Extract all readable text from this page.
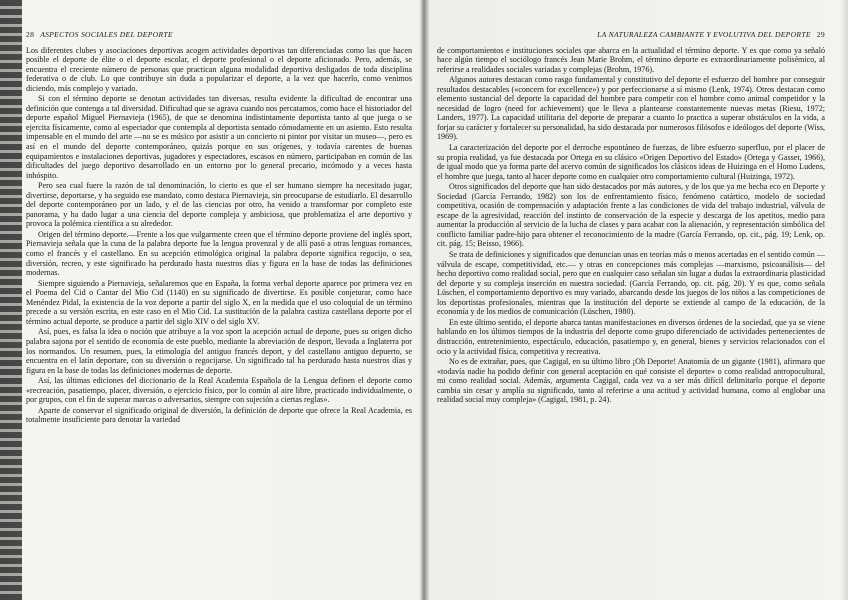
28 ASPECTOS SOCIALES DEL DEPORTE

Los diferentes clubes y asociaciones deportivas acogen actividades deportivas tan diferenciadas como las que hacen posible el deporte de élite o el deporte escolar, el deporte profesional o el deporte aficionado. Pero, además, se encuentra el creciente número de personas que practican alguna modalidad deportiva desligados de toda disciplina federativa o de club. Lo que contribuye sin duda a popularizar el deporte, a la vez que hacerlo, como venimos diciendo, más complejo y variado.

Si con el término deporte se denotan actividades tan diversas, resulta evidente la dificultad de encontrar una definición que contenga a tal diversidad. Dificultad que se agrava cuando nos percatamos, como hace el historiador del deporte español Miguel Piernavieja (1965), de que se denomina indistintamente deportista tanto al que juega o se ejercita físicamente, como al espectador que contempla al deportista sentado cómodamente en un asiento. Esto resulta impensable en el mundo del arte —no se es músico por asistir a un concierto ni pintor por visitar un museo—, pero es así en el mundo del deporte contemporáneo, quizás porque en sus orígenes, y todavía carentes de buenas equipamientos e instalaciones deportivas, jugadores y espectadores, escasos en número, participaban en común de las dificultades del juego deportivo desarrollado en un entorno por lo general precario, incómodo y a veces hasta inhóspito.

Pero sea cual fuere la razón de tal denominación, lo cierto es que el ser humano siempre ha necesitado jugar, divertirse, deportarse, y ha seguido ese mandato, como destaca Piernavieja, sin preocuparse de estudiarlo. El desarrollo del deporte contemporáneo por un lado, y el de las ciencias por otro, ha venido a transformar por completo este panorama, y ha dado lugar a una ciencia del deporte compleja y ambiciosa, que problematiza el arte deportivo y provoca la polémica científica a su alrededor.

Origen del término deporte.—Frente a los que vulgarmente creen que el término deporte proviene del inglés sport, Piernavieja señala que la cuna de la palabra deporte fue la lengua provenzal y de allí pasó a otras lenguas romances, como el francés y el castellano. En su acepción etimológica original la palabra deporte significa regocijo, o sea, diversión, recreo, y este significado ha perdurado hasta nuestros días y figura en la base de todas las definiciones modernas.

Siempre siguiendo a Piernavieja, señalaremos que en España, la forma verbal deporte aparece por primera vez en el Poema del Cid o Cantar del Mio Cid (1140) en su significado de divertirse. Es posible conjeturar, como hace Menéndez Pidal, la existencia de la voz deporte a partir del siglo X, en la medida que el uso coloquial de un término precede a su versión escrita, en este caso en el Mio Cid. La sustitución de la palabra castiza castellana deporte por el término actual deporte, se produce a partir del siglo XIV o del siglo XV.

Así, pues, es falsa la idea o noción que atribuye a la voz sport la acepción actual de deporte, pues su origen dicho palabra sajona por el sentido de economía de este pueblo, mediante la abreviación de desport, llevada a Inglaterra por los normandos. Un resumen, pues, la etimología del antiguo francés deport, y del castellano antiguo depuerto, se encuentra en el latín deportare, con su diversión o regocijarse. Un significado tal ha perdurado hasta nuestros días y figura en la base de todas las definiciones modernas de deporte.

Así, las últimas ediciones del diccionario de la Real Academia Española de la Lengua definen el deporte como «recreación, pasatiempo, placer, diversión, o ejercicio físico, por lo común al aire libre, practicado individualmente, o por grupos, con el fin de superar marcas o adversarios, siempre con sujeción a ciertas reglas».

Aparte de conservar el significado original de diversión, la definición de deporte que ofrece la Real Academia, es totalmente insuficiente para denotar la variedad

LA NATURALEZA CAMBIANTE Y EVOLUTIVA DEL DEPORTE 29

de comportamientos e instituciones sociales que abarca en la actualidad el término deporte. Y es que como ya señaló hace algún tiempo el sociólogo francés Jean Marie Brohm, el término deporte es extraordinariamente polisémico, al referirse a realidades sociales variadas y complejas (Brohm, 1976).

Algunos autores destacan como rasgo fundamental y constitutivo del deporte el esfuerzo del hombre por conseguir resultados destacables («concern for excellence») y por perfeccionarse a sí mismo (Lenk, 1974). Otros destacan como elemento sustancial del deporte la capacidad del hombre para competir con el hombre como animal competidor y la necesidad de logro (need for achievement) que le lleva a plantearse constantemente nuevas metas (Riesu, 1972; Landers, 1977). La capacidad utilitaria del deporte de preparar a cuanto lo practica a superar obstáculos en la vida, a forjar su carácter y fortalecer su personalidad, ha sido destacada por numerosos filósofos e ideólogos del deporte (Wiss, 1969).

La caracterización del deporte por el derroche espontáneo de fuerzas, de libre esfuerzo superfluo, por el placer de su propia realidad, ya fue destacada por Ortega en su clásico «Origen Deportivo del Estado» (Ortega y Gasset, 1966), de igual modo que ya forma parte del acervo común de significados los clásicos ideas de Huizinga en el Homo Ludens, el hombre que juega, tanto al hacer deporte como en cualquier otro comportamiento cultural (Huizinga, 1972).

Otros significados del deporte que han sido destacados por más autores, y de los que ya me hecha eco en Deporte y Sociedad (García Ferrando, 1982) son los de enfrentamiento físico, fenómeno catártico, modelo de sociedad competitiva, ocasión de compensación y adaptación frente a las condiciones de vida del trabajo industrial, válvula de escape de la agresividad, reacción del instinto de conservación de la especie y descarga de los apetitos, medio para aumentar la producción al servicio de la lucha de clases y para acabar con la alienación, y representación simbólica del conflicto familiar padre-hijo para obtener el reconocimiento de la madre (García Ferrando, op. cit., pág. 19; Lenk, op. cit. pág. 15; Beisso, 1966).

Se trata de definiciones y significados que denuncian unas en teorías más o menos acertadas en el sentido común —válvula de escape, competitividad, etc.— y otras en concepciones más complejas —marxismo, psicoanálisis— del hecho deportivo como realidad social, pero que en cualquier caso señalan sin lugar a dudas la extraordinaria plasticidad del deporte y su compleja inserción en nuestra sociedad. (García Ferrando, op. cit. pág. 20). Y es que, como señala Lüschen, el comportamiento deportivo es muy variado, abarcando desde los juegos de los niños a las competiciones de los deportistas profesionales, mientras que la institución del deporte se extiende al campo de la educación, de la economía y de los medios de comunicación (Lüschen, 1980).

En este último sentido, el deporte abarca tantas manifestaciones en diversos órdenes de la sociedad, que ya se viene hablando en los últimos tiempos de la industria del deporte como grupo diferenciado de actividades pertenecientes de distracción, entretenimiento, espectáculo, educación, pasatiempo y, en general, bienes y servicios relacionados con el ocio y la actividad física, competitiva y recreativa.

No es de extrañar, pues, que Cagigal, en su último libro ¡Oh Deporte! Anatomía de un gigante (1981), afirmara que «todavía nadie ha podido definir con general aceptación en qué consiste el deporte» o como realidad antropocultural, mi como realidad social. Además, argumenta Cagigal, cada vez va a ser más difícil delimitarlo porque el deporte cambia sin cesar y amplía su significado, tanto al referirse a una actitud y actividad humana, como al englobar una realidad social muy compleja» (Cagigal, 1981, p. 24).
